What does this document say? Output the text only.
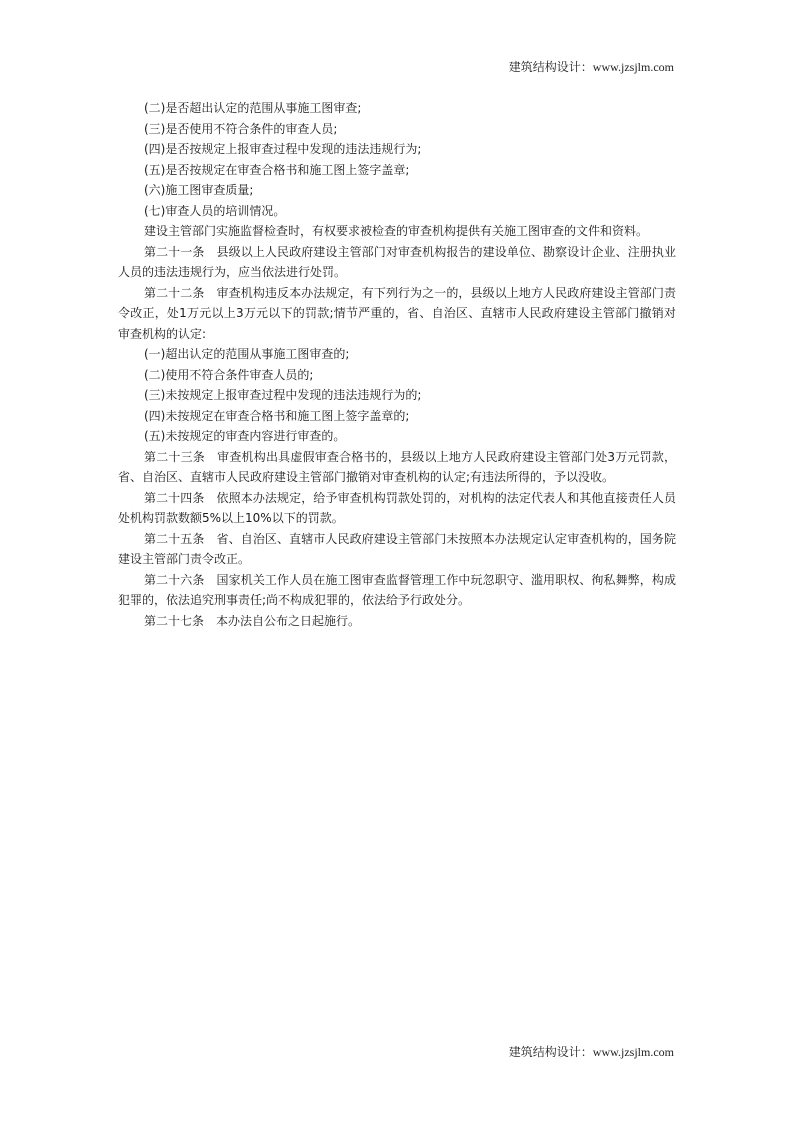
建筑结构设计：www.jzsjlm.com

(二)是否超出认定的范围从事施工图审查;

(三)是否使用不符合条件的审查人员;

(四)是否按规定上报审查过程中发现的违法违规行为;

(五)是否按规定在审查合格书和施工图上签字盖章;

(六)施工图审查质量;

(七)审查人员的培训情况。

建设主管部门实施监督检查时，有权要求被检查的审查机构提供有关施工图审查的文件和资料。

第二十一条　县级以上人民政府建设主管部门对审查机构报告的建设单位、勘察设计企业、注册执业人员的违法违规行为，应当依法进行处罚。

第二十二条　审查机构违反本办法规定，有下列行为之一的，县级以上地方人民政府建设主管部门责令改正，处1万元以上3万元以下的罚款;情节严重的，省、自治区、直辖市人民政府建设主管部门撤销对审查机构的认定:

(一)超出认定的范围从事施工图审查的;

(二)使用不符合条件审查人员的;

(三)未按规定上报审查过程中发现的违法违规行为的;

(四)未按规定在审查合格书和施工图上签字盖章的;

(五)未按规定的审查内容进行审查的。

第二十三条　审查机构出具虚假审查合格书的，县级以上地方人民政府建设主管部门处3万元罚款，省、自治区、直辖市人民政府建设主管部门撤销对审查机构的认定;有违法所得的，予以没收。

第二十四条　依照本办法规定，给予审查机构罚款处罚的，对机构的法定代表人和其他直接责任人员处机构罚款数额5%以上10%以下的罚款。

第二十五条　省、自治区、直辖市人民政府建设主管部门未按照本办法规定认定审查机构的，国务院建设主管部门责令改正。

第二十六条　国家机关工作人员在施工图审查监督管理工作中玩忽职守、滥用职权、徇私舞弊，构成犯罪的，依法追究刑事责任;尚不构成犯罪的，依法给予行政处分。

第二十七条　本办法自公布之日起施行。

建筑结构设计：www.jzsjlm.com
